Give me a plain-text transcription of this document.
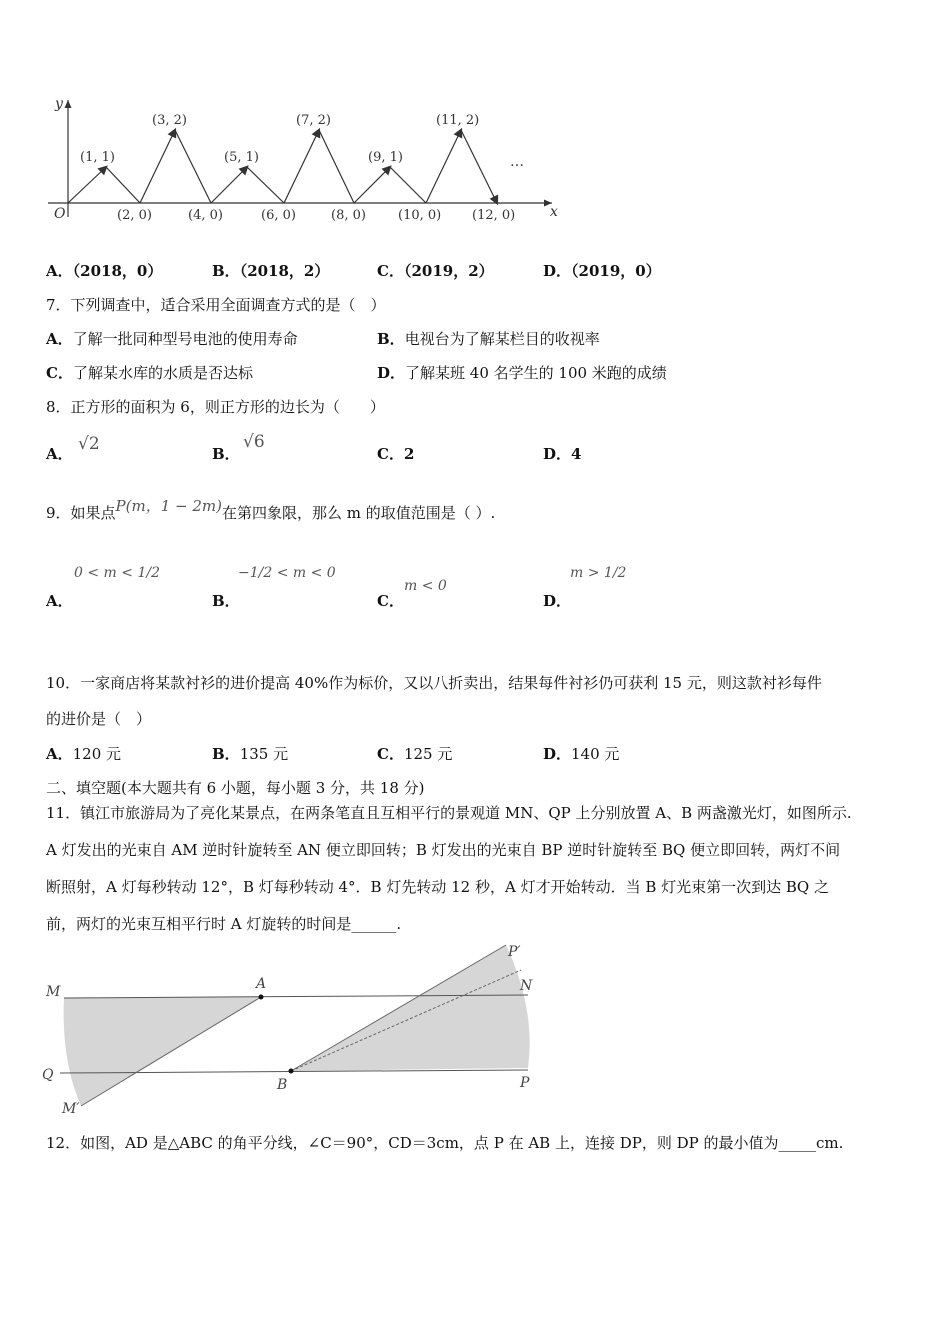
y
x
O
(1, 1)
(3, 2)
(5, 1)
(7, 2)
(9, 1)
(11, 2)
…
(2, 0)	(4, 0)	(6, 0)	(8, 0) (10, 0) (12, 0)
A．（2018，0）	B．（2018，2）	C．（2019，2）	D．（2019，0）
7．下列调查中，适合采用全面调查方式的是（　）
A．了解一批同种型号电池的使用寿命	B．电视台为了解某栏目的收视率
C．了解某水库的水质是否达标	D．了解某班 40 名学生的 100 米跑的成绩
8．正方形的面积为 6，则正方形的边长为（　　）
A． √2	B．
√6
C．2	D．4
9．如果点P(m，1 − 2m)在第四象限，那么 m 的取值范围是（ ）.
A．
0 < m < 1/2
B．
−1/2 < m < 0
C．
m < 0
D．
m > 1/2
10．一家商店将某款衬衫的进价提高 40%作为标价，又以八折卖出，结果每件衬衫仍可获利 15 元，则这款衬衫每件
的进价是（　）
A．120 元	B．135 元	C．125 元	D．140 元
二、填空题(本大题共有 6 小题，每小题 3 分，共 18 分)
11．镇江市旅游局为了亮化某景点，在两条笔直且互相平行的景观道 MN、QP 上分别放置 A、B 两盏激光灯，如图所示.
A 灯发出的光束自 AM 逆时针旋转至 AN 便立即回转；B 灯发出的光束自 BP 逆时针旋转至 BQ 便立即回转，两灯不间
断照射，A 灯每秒转动 12°，B 灯每秒转动 4°．B 灯先转动 12 秒，A 灯才开始转动．当 B 灯光束第一次到达 BQ 之
前，两灯的光束互相平行时 A 灯旋转的时间是______.
M	A	N
P′
Q
B	P
M′
12．如图，AD 是△ABC 的角平分线，∠C＝90°，CD＝3cm，点 P 在 AB 上，连接 DP，则 DP 的最小值为_____cm.
